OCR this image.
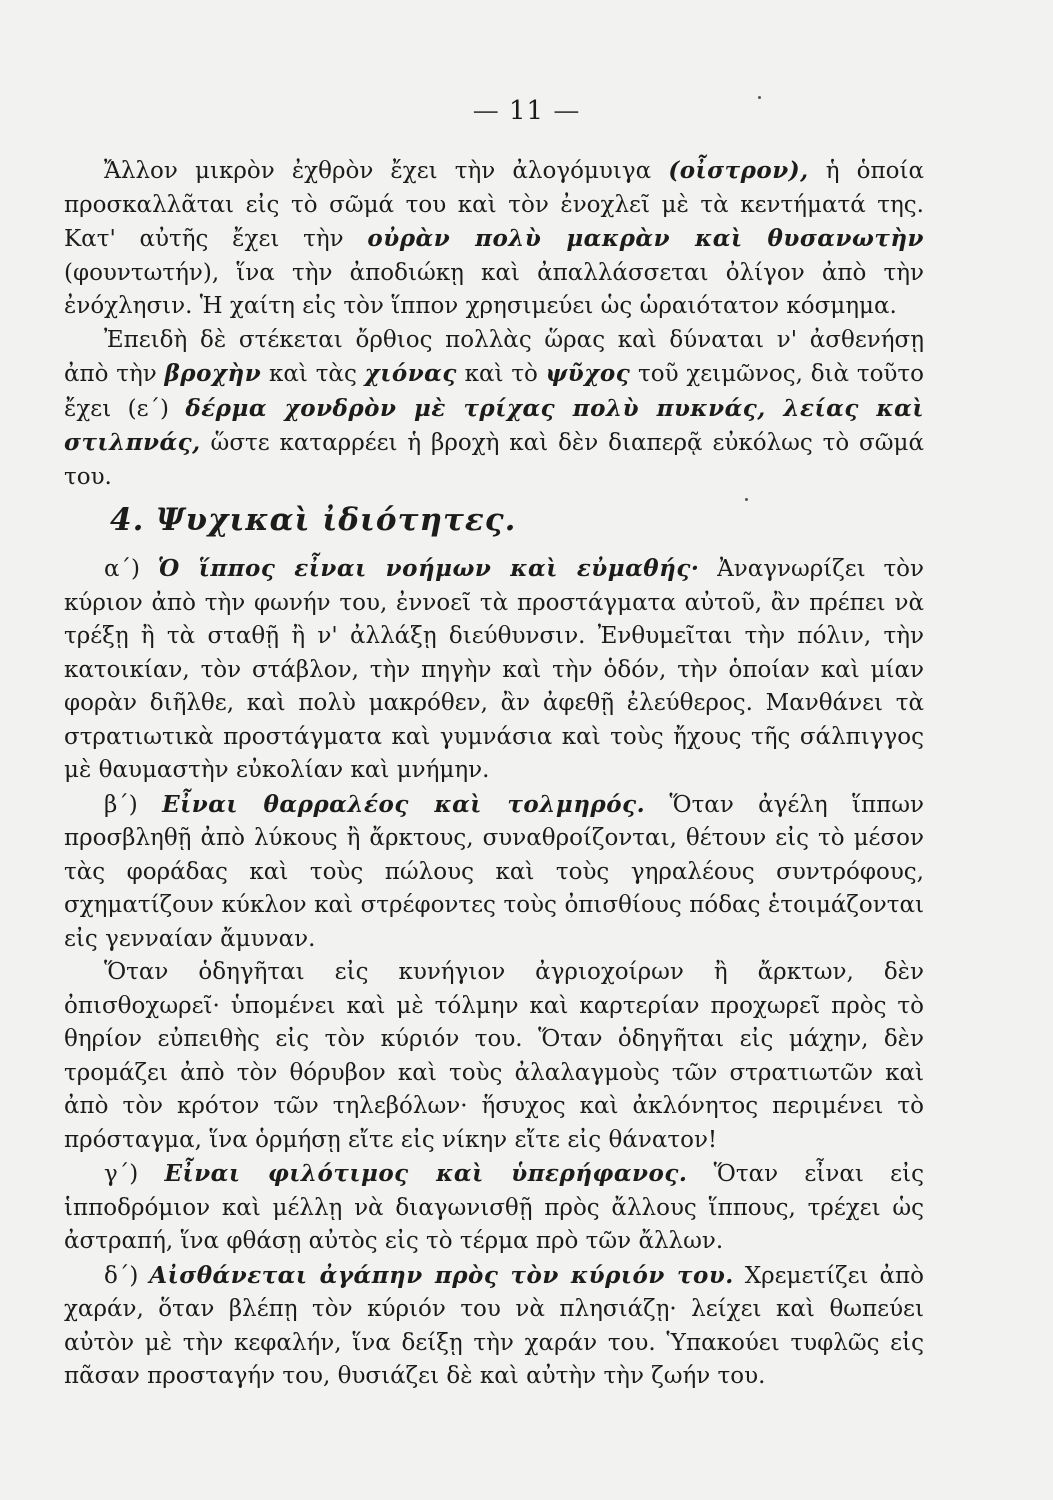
— 11 —

Ἄλλον μικρὸν ἐχθρὸν ἔχει τὴν ἀλογόμυιγα (οἶστρον), ἡ ὁποία προσκαλλᾶται εἰς τὸ σῶμά του καὶ τὸν ἐνοχλεῖ μὲ τὰ κεντήματά της. Κατ' αὐτῆς ἔχει τὴν οὐρὰν πολὺ μακρὰν καὶ θυσανωτὴν (φουντωτήν), ἵνα τὴν ἀποδιώκῃ καὶ ἀπαλλάσσεται ὀλίγον ἀπὸ τὴν ἐνόχλησιν. Ἡ χαίτη εἰς τὸν ἵππον χρησιμεύει ὡς ὡραιότατον κόσμημα.

Ἐπειδὴ δὲ στέκεται ὄρθιος πολλὰς ὥρας καὶ δύναται ν' ἀσθενήσῃ ἀπὸ τὴν βροχὴν καὶ τὰς χιόνας καὶ τὸ ψῦχος τοῦ χειμῶνος, διὰ τοῦτο ἔχει (ε΄) δέρμα χονδρὸν μὲ τρίχας πολὺ πυκνάς, λείας καὶ στιλπνάς, ὥστε καταρρέει ἡ βροχὴ καὶ δὲν διαπερᾷ εὐκόλως τὸ σῶμά του.

4. Ψυχικαὶ ἰδιότητες.

α΄) Ὁ ἵππος εἶναι νοήμων καὶ εὐμαθής· Ἀναγνωρίζει τὸν κύριον ἀπὸ τὴν φωνήν του, ἐννοεῖ τὰ προστάγματα αὐτοῦ, ἂν πρέπει νὰ τρέξῃ ἢ τὰ σταθῇ ἢ ν' ἀλλάξῃ διεύθυνσιν. Ἐνθυμεῖται τὴν πόλιν, τὴν κατοικίαν, τὸν στάβλον, τὴν πηγὴν καὶ τὴν ὁδόν, τὴν ὁποίαν καὶ μίαν φορὰν διῆλθε, καὶ πολὺ μακρόθεν, ἂν ἀφεθῇ ἐλεύθερος. Μανθάνει τὰ στρατιωτικὰ προστάγματα καὶ γυμνάσια καὶ τοὺς ἤχους τῆς σάλπιγγος μὲ θαυμαστὴν εὐκολίαν καὶ μνήμην.

β΄) Εἶναι θαρραλέος καὶ τολμηρός. Ὅταν ἀγέλη ἵππων προσβληθῇ ἀπὸ λύκους ἢ ἄρκτους, συναθροίζονται, θέτουν εἰς τὸ μέσον τὰς φοράδας καὶ τοὺς πώλους καὶ τοὺς γηραλέους συντρόφους, σχηματίζουν κύκλον καὶ στρέφοντες τοὺς ὀπισθίους πόδας ἑτοιμάζονται εἰς γενναίαν ἄμυναν.

Ὅταν ὁδηγῆται εἰς κυνήγιον ἀγριοχοίρων ἢ ἄρκτων, δὲν ὀπισθοχωρεῖ· ὑπομένει καὶ μὲ τόλμην καὶ καρτερίαν προχωρεῖ πρὸς τὸ θηρίον εὐπειθὴς εἰς τὸν κύριόν του. Ὅταν ὁδηγῆται εἰς μάχην, δὲν τρομάζει ἀπὸ τὸν θόρυβον καὶ τοὺς ἀλαλαγμοὺς τῶν στρατιωτῶν καὶ ἀπὸ τὸν κρότον τῶν τηλεβόλων· ἥσυχος καὶ ἀκλόνητος περιμένει τὸ πρόσταγμα, ἵνα ὁρμήσῃ εἴτε εἰς νίκην εἴτε εἰς θάνατον!

γ΄) Εἶναι φιλότιμος καὶ ὑπερήφανος. Ὅταν εἶναι εἰς ἱπποδρόμιον καὶ μέλλῃ νὰ διαγωνισθῇ πρὸς ἄλλους ἵππους, τρέχει ὡς ἀστραπή, ἵνα φθάσῃ αὐτὸς εἰς τὸ τέρμα πρὸ τῶν ἄλλων.

δ΄) Αἰσθάνεται ἀγάπην πρὸς τὸν κύριόν του. Χρεμετίζει ἀπὸ χαράν, ὅταν βλέπῃ τὸν κύριόν του νὰ πλησιάζῃ· λείχει καὶ θωπεύει αὐτὸν μὲ τὴν κεφαλήν, ἵνα δείξῃ τὴν χαράν του. Ὑπακούει τυφλῶς εἰς πᾶσαν προσταγήν του, θυσιάζει δὲ καὶ αὐτὴν τὴν ζωήν του.
